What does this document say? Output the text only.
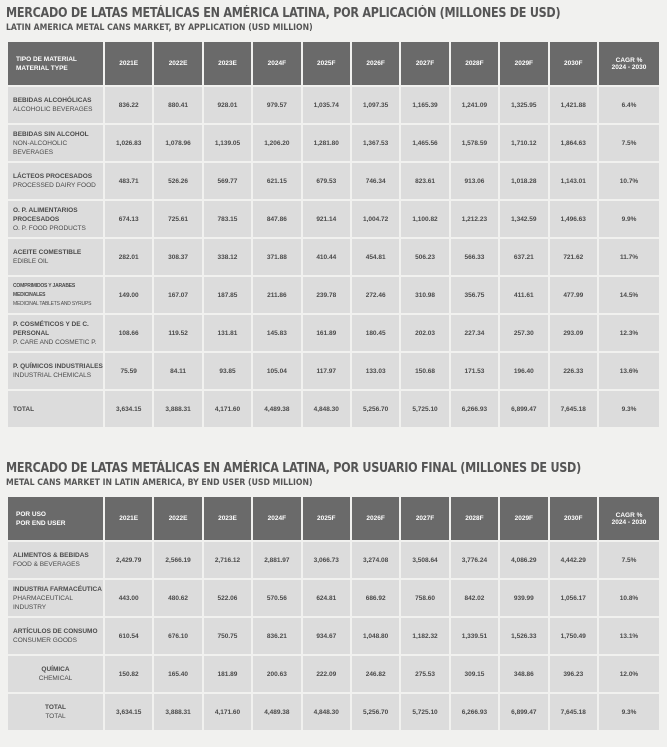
MERCADO DE LATAS METÁLICAS EN AMÉRICA LATINA, POR APLICACIÓN (MILLONES DE USD)
LATIN AMERICA METAL CANS MARKET, BY APPLICATION (USD MILLION)
TIPO DE MATERIAL
MATERIAL TYPE	2021E	2022E	2023E	2024F	2025F	2026F	2027F	2028F	2029F	2030F	CAGR %
2024 - 2030

BEBIDAS ALCOHÓLICAS
ALCOHOLIC BEVERAGES	836.22	880.41	928.01	979.57	1,035.74	1,097.35	1,165.39	1,241.09	1,325.95	1,421.88	6.4%

BEBIDAS SIN ALCOHOL
NON-ALCOHOLIC BEVERAGES	1,026.83	1,078.96	1,139.05	1,206.20	1,281.80	1,367.53	1,465.56	1,578.59	1,710.12	1,864.63	7.5%

LÁCTEOS PROCESADOS
PROCESSED DAIRY FOOD	483.71	526.26	569.77	621.15	679.53	746.34	823.61	913.06	1,018.28	1,143.01	10.7%

O. P. ALIMENTARIOS PROCESADOS
O. P. FOOD PRODUCTS	674.13	725.61	783.15	847.86	921.14	1,004.72	1,100.82	1,212.23	1,342.59	1,496.63	9.9%

ACEITE COMESTIBLE
EDIBLE OIL	282.01	308.37	338.12	371.88	410.44	454.81	506.23	566.33	637.21	721.62	11.7%

COMPRIMIDOS Y JARABES MEDICINALES
MEDICINAL TABLETS AND SYRUPS	149.00	167.07	187.85	211.86	239.78	272.46	310.98	356.75	411.61	477.99	14.5%

P. COSMÉTICOS Y DE C. PERSONAL
P. CARE AND COSMETIC P.	108.66	119.52	131.81	145.83	161.89	180.45	202.03	227.34	257.30	293.09	12.3%

P. QUÍMICOS INDUSTRIALES
INDUSTRIAL CHEMICALS	75.59	84.11	93.85	105.04	117.97	133.03	150.68	171.53	196.40	226.33	13.6%

TOTAL	3,634.15	3,888.31	4,171.60	4,489.38	4,848.30	5,256.70	5,725.10	6,266.93	6,899.47	7,645.18	9.3%
MERCADO DE LATAS METÁLICAS EN AMÉRICA LATINA, POR USUARIO FINAL (MILLONES DE USD)
METAL CANS MARKET IN LATIN AMERICA, BY END USER (USD MILLION)
POR USO
POR END USER	2021E	2022E	2023E	2024F	2025F	2026F	2027F	2028F	2029F	2030F	CAGR %
2024 - 2030

ALIMENTOS & BEBIDAS
FOOD & BEVERAGES	2,429.79	2,566.19	2,716.12	2,881.97	3,066.73	3,274.08	3,508.64	3,776.24	4,086.29	4,442.29	7.5%

INDUSTRIA FARMACÉUTICA
PHARMACEUTICAL INDUSTRY	443.00	480.62	522.06	570.56	624.81	686.92	758.60	842.02	939.99	1,056.17	10.8%

ARTÍCULOS DE CONSUMO
CONSUMER GOODS	610.54	676.10	750.75	836.21	934.67	1,048.80	1,182.32	1,339.51	1,526.33	1,750.49	13.1%

QUÍMICA
CHEMICAL	150.82	165.40	181.89	200.63	222.09	246.82	275.53	309.15	348.86	396.23	12.0%

TOTAL
TOTAL	3,634.15	3,888.31	4,171.60	4,489.38	4,848.30	5,256.70	5,725.10	6,266.93	6,899.47	7,645.18	9.3%
